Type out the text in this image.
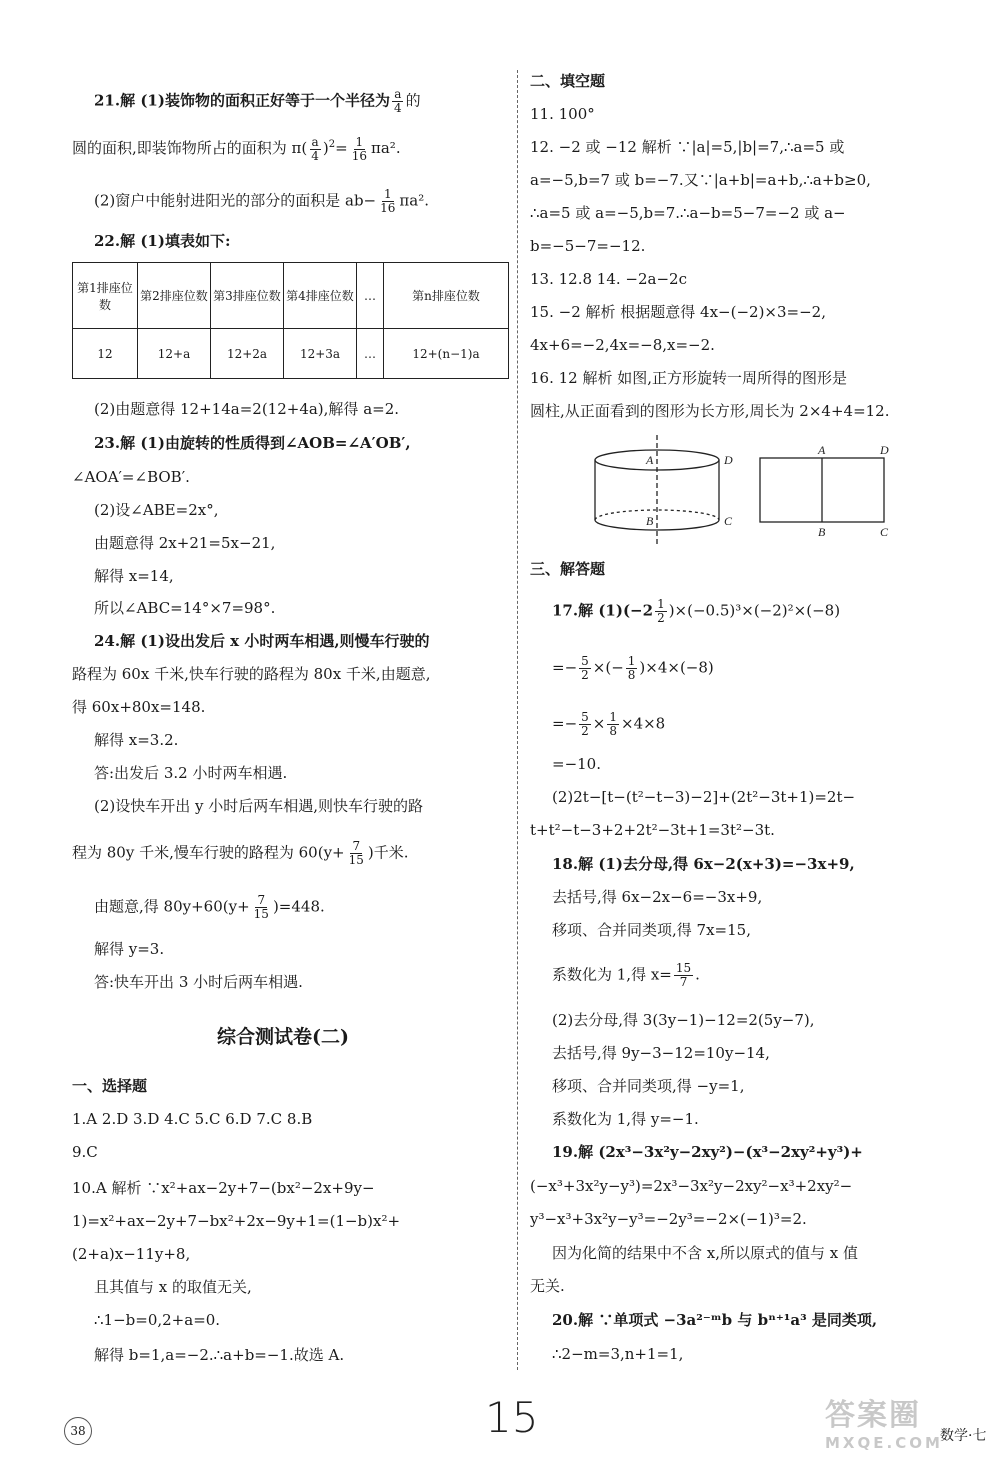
21.解 (1)装饰物的面积正好等于一个半径为 $\frac{a}{4}$ 的
圆的面积,即装饰物所占的面积为 $\pi( \frac{a}{4} )^2= \frac{1}{16} \pi a^2$.
(2)窗户中能射进阳光的部分的面积是 $ab- \frac{1}{16} \pi a^2$.
22.解 (1)填表如下:
第1排座位数	第2排座位数	第3排座位数	第4排座位数	…	第n排座位数
12	12+a	12+2a	12+3a	…	12+(n−1)a
(2)由题意得 12+14a=2(12+4a),解得 a=2.
23.解 (1)由旋转的性质得到∠AOB=∠A′OB′,
∠AOA′=∠BOB′.
(2)设∠ABE=2x°,
由题意得 2x+21=5x−21,
解得 x=14,
所以∠ABC=14°×7=98°.
24.解 (1)设出发后 x 小时两车相遇,则慢车行驶的
路程为 60x 千米,快车行驶的路程为 80x 千米,由题意,
得 60x+80x=148.
解得 x=3.2.
答:出发后 3.2 小时两车相遇.
(2)设快车开出 y 小时后两车相遇,则快车行驶的路
程为 80y 千米,慢车行驶的路程为 $60(y+ \frac{7}{15}$ )千米.
由题意,得 $80y+60(y+ \frac{7}{15} )=448$.
解得 y=3.
答:快车开出 3 小时后两车相遇.
综合测试卷(二)
一、选择题
1.A 2.D 3.D 4.C 5.C 6.D 7.C 8.B
9.C
10.A 解析 ∵x²+ax−2y+7−(bx²−2x+9y−
1)=x²+ax−2y+7−bx²+2x−9y+1=(1−b)x²+
(2+a)x−11y+8,
且其值与 x 的取值无关,
∴1−b=0,2+a=0.
解得 b=1,a=−2.∴a+b=−1.故选 A.
二、填空题
11. 100°
12. −2 或 −12 解析 ∵|a|=5,|b|=7,∴a=5 或
a=−5,b=7 或 b=−7.又∵|a+b|=a+b,∴a+b≥0,
∴a=5 或 a=−5,b=7.∴a−b=5−7=−2 或 a−
b=−5−7=−12.
13. 12.8 14. −2a−2c
15. −2 解析 根据题意得 4x−(−2)×3=−2,
4x+6=−2,4x=−8,x=−2.
16. 12 解析 如图,正方形旋转一周所得的图形是
圆柱,从正面看到的图形为长方形,周长为 2×4+4=12.
A	D
B	C
A	D
B	C
三、解答题
17.解 $(1)(-2 \frac{1}{2} )\times(-0.5)^3\times(-2)^2\times(-8)$
=− $\frac{5}{2}$ ×(− $\frac{1}{8} )\times 4\times(-8)$
=− $\frac{5}{2} \times \frac{1}{8} \times 4\times 8$
=−10.
(2)2t−[t−(t²−t−3)−2]+(2t²−3t+1)=2t−
t+t²−t−3+2+2t²−3t+1=3t²−3t.
18.解 (1)去分母,得 6x−2(x+3)=−3x+9,
去括号,得 6x−2x−6=−3x+9,
移项、合并同类项,得 7x=15,
系数化为 1,得 $x= \frac{15}{7}$ .
(2)去分母,得 3(3y−1)−12=2(5y−7),
去括号,得 9y−3−12=10y−14,
移项、合并同类项,得 −y=1,
系数化为 1,得 y=−1.
19.解 (2x³−3x²y−2xy²)−(x³−2xy²+y³)+
(−x³+3x²y−y³)=2x³−3x²y−2xy²−x³+2xy²−
y³−x³+3x²y−y³=−2y³=−2×(−1)³=2.
因为化简的结果中不含 x,所以原式的值与 x 值
无关.
20.解 ∵单项式 −3a²⁻ᵐb 与 bⁿ⁺¹a³ 是同类项,
∴2−m=3,n+1=1,
38	15	答案圈
MXQE.COM
数学·七
